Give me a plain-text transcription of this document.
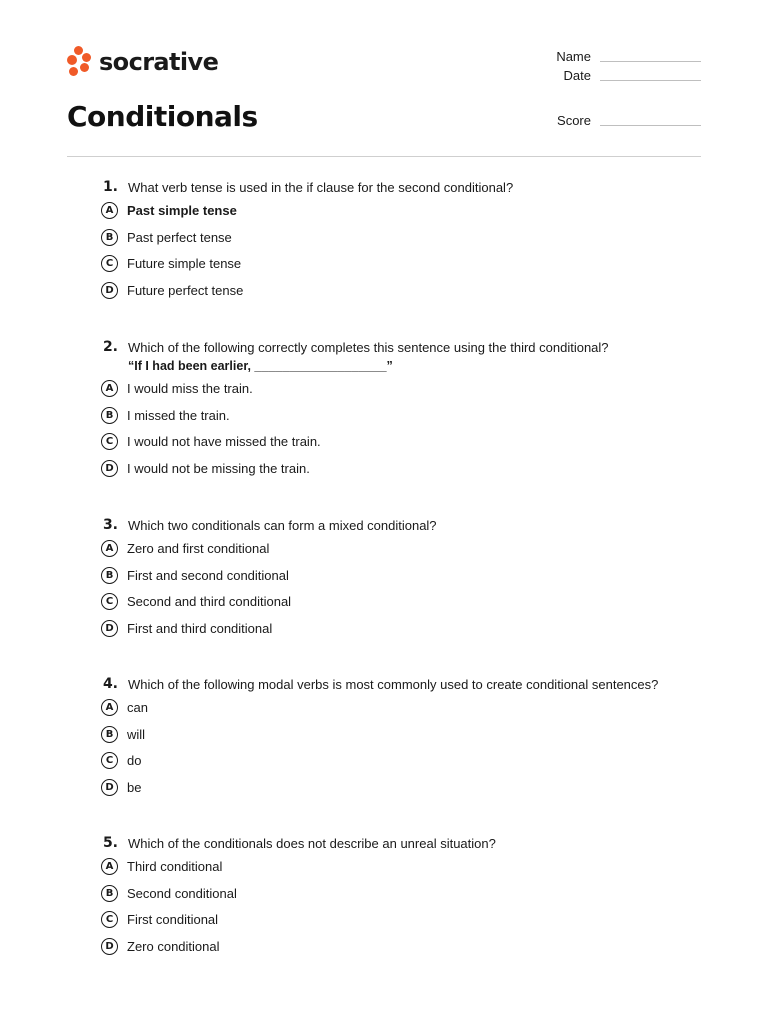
socrative
Conditionals
Name
Date
Score
1. What verb tense is used in the if clause for the second conditional?
A	Past simple tense
B	Past perfect tense
C	Future simple tense
D	Future perfect tense
2. Which of the following correctly completes this sentence using the third conditional?
“If I had been earlier, ___________________”
A	I would miss the train.
B	I missed the train.
C	I would not have missed the train.
D	I would not be missing the train.
3. Which two conditionals can form a mixed conditional?
A	Zero and first conditional
B	First and second conditional
C	Second and third conditional
D	First and third conditional
4. Which of the following modal verbs is most commonly used to create conditional sentences?
A	can
B	will
C	do
D	be
5. Which of the conditionals does not describe an unreal situation?
A	Third conditional
B	Second conditional
C	First conditional
D	Zero conditional
